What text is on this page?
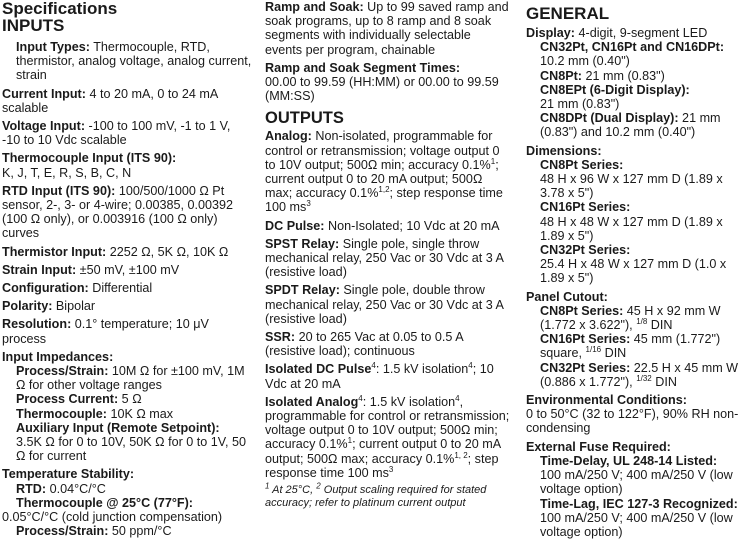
Specifications
INPUTS
Input Types: Thermocouple, RTD, thermistor, analog voltage, analog current, strain
Current Input: 4 to 20 mA, 0 to 24 mA scalable
Voltage Input: -100 to 100 mV, -1 to 1 V, -10 to 10 Vdc scalable
Thermocouple Input (ITS 90):
K, J, T, E, R, S, B, C, N
RTD Input (ITS 90): 100/500/1000 Ω Pt sensor, 2-, 3- or 4-wire; 0.00385, 0.00392 (100 Ω only), or 0.003916 (100 Ω only) curves
Thermistor Input: 2252 Ω, 5K Ω, 10K Ω
Strain Input: ±50 mV, ±100 mV
Configuration: Differential
Polarity: Bipolar
Resolution: 0.1° temperature; 10 μV process
Input Impedances:
Process/Strain: 10M Ω for ±100 mV, 1M Ω for other voltage ranges
Process Current: 5 Ω
Thermocouple: 10K Ω max
Auxiliary Input (Remote Setpoint):
3.5K Ω for 0 to 10V, 50K Ω for 0 to 1V, 50 Ω for current
Temperature Stability:
RTD: 0.04°C/°C
Thermocouple @ 25°C (77°F):
0.05°C/°C (cold junction compensation)
Process/Strain: 50 ppm/°C
Ramp and Soak: Up to 99 saved ramp and soak programs, up to 8 ramp and 8 soak segments with individually selectable events per program, chainable
Ramp and Soak Segment Times:
00.00 to 99.59 (HH:MM) or 00.00 to 99.59 (MM:SS)
OUTPUTS
Analog: Non-isolated, programmable for control or retransmission; voltage output 0 to 10V output; 500Ω min; accuracy 0.1%$^1$; current output 0 to 20 mA output; 500Ω max; accuracy 0.1%$^{1,2}$; step response time 100 $ms^3$
DC Pulse: Non-Isolated; 10 Vdc at 20 mA
SPST Relay: Single pole, single throw mechanical relay, 250 Vac or 30 Vdc at 3 A (resistive load)
SPDT Relay: Single pole, double throw mechanical relay, 250 Vac or 30 Vdc at 3 A (resistive load)
SSR: 20 to 265 Vac at 0.05 to 0.5 A (resistive load); continuous
Isolated DC Pulse$^4$: 1.5 kV isolation$^4$; 10 Vdc at 20 mA
Isolated Analog$^4$: 1.5 kV isolation$^4$, programmable for control or retransmission; voltage output 0 to 10V output; 500Ω min; accuracy 0.1%$^1$; current output 0 to 20 mA output; 500Ω max; accuracy 0.1%$^{1, 2}$; step response time 100 $ms^3$
$^1$ At 25°C, $^2$ Output scaling required for stated accuracy; refer to platinum current output
GENERAL
Display: 4-digit, 9-segment LED
CN32Pt, CN16Pt and CN16DPt:
10.2 mm (0.40")
CN8Pt: 21 mm (0.83")
CN8EPt (6-Digit Display):
21 mm (0.83")
CN8DPt (Dual Display): 21 mm (0.83") and 10.2 mm (0.40")
Dimensions:
CN8Pt Series:
48 H x 96 W x 127 mm D (1.89 x 3.78 x 5")
CN16Pt Series:
48 H x 48 W x 127 mm D (1.89 x 1.89 x 5")
CN32Pt Series:
25.4 H x 48 W x 127 mm D (1.0 x 1.89 x 5")
Panel Cutout:
CN8Pt Series: 45 H x 92 mm W (1.772 x 3.622"), $^{1/8}$ DIN
CN16Pt Series: 45 mm (1.772") square, $^{1/16}$ DIN
CN32Pt Series: 22.5 H x 45 mm W (0.886 x 1.772"), $^{1/32}$ DIN
Environmental Conditions:
0 to 50°C (32 to 122°F), 90% RH non-condensing
External Fuse Required:
Time-Delay, UL 248-14 Listed:
100 mA/250 V; 400 mA/250 V (low voltage option)
Time-Lag, IEC 127-3 Recognized:
100 mA/250 V; 400 mA/250 V (low voltage option)
